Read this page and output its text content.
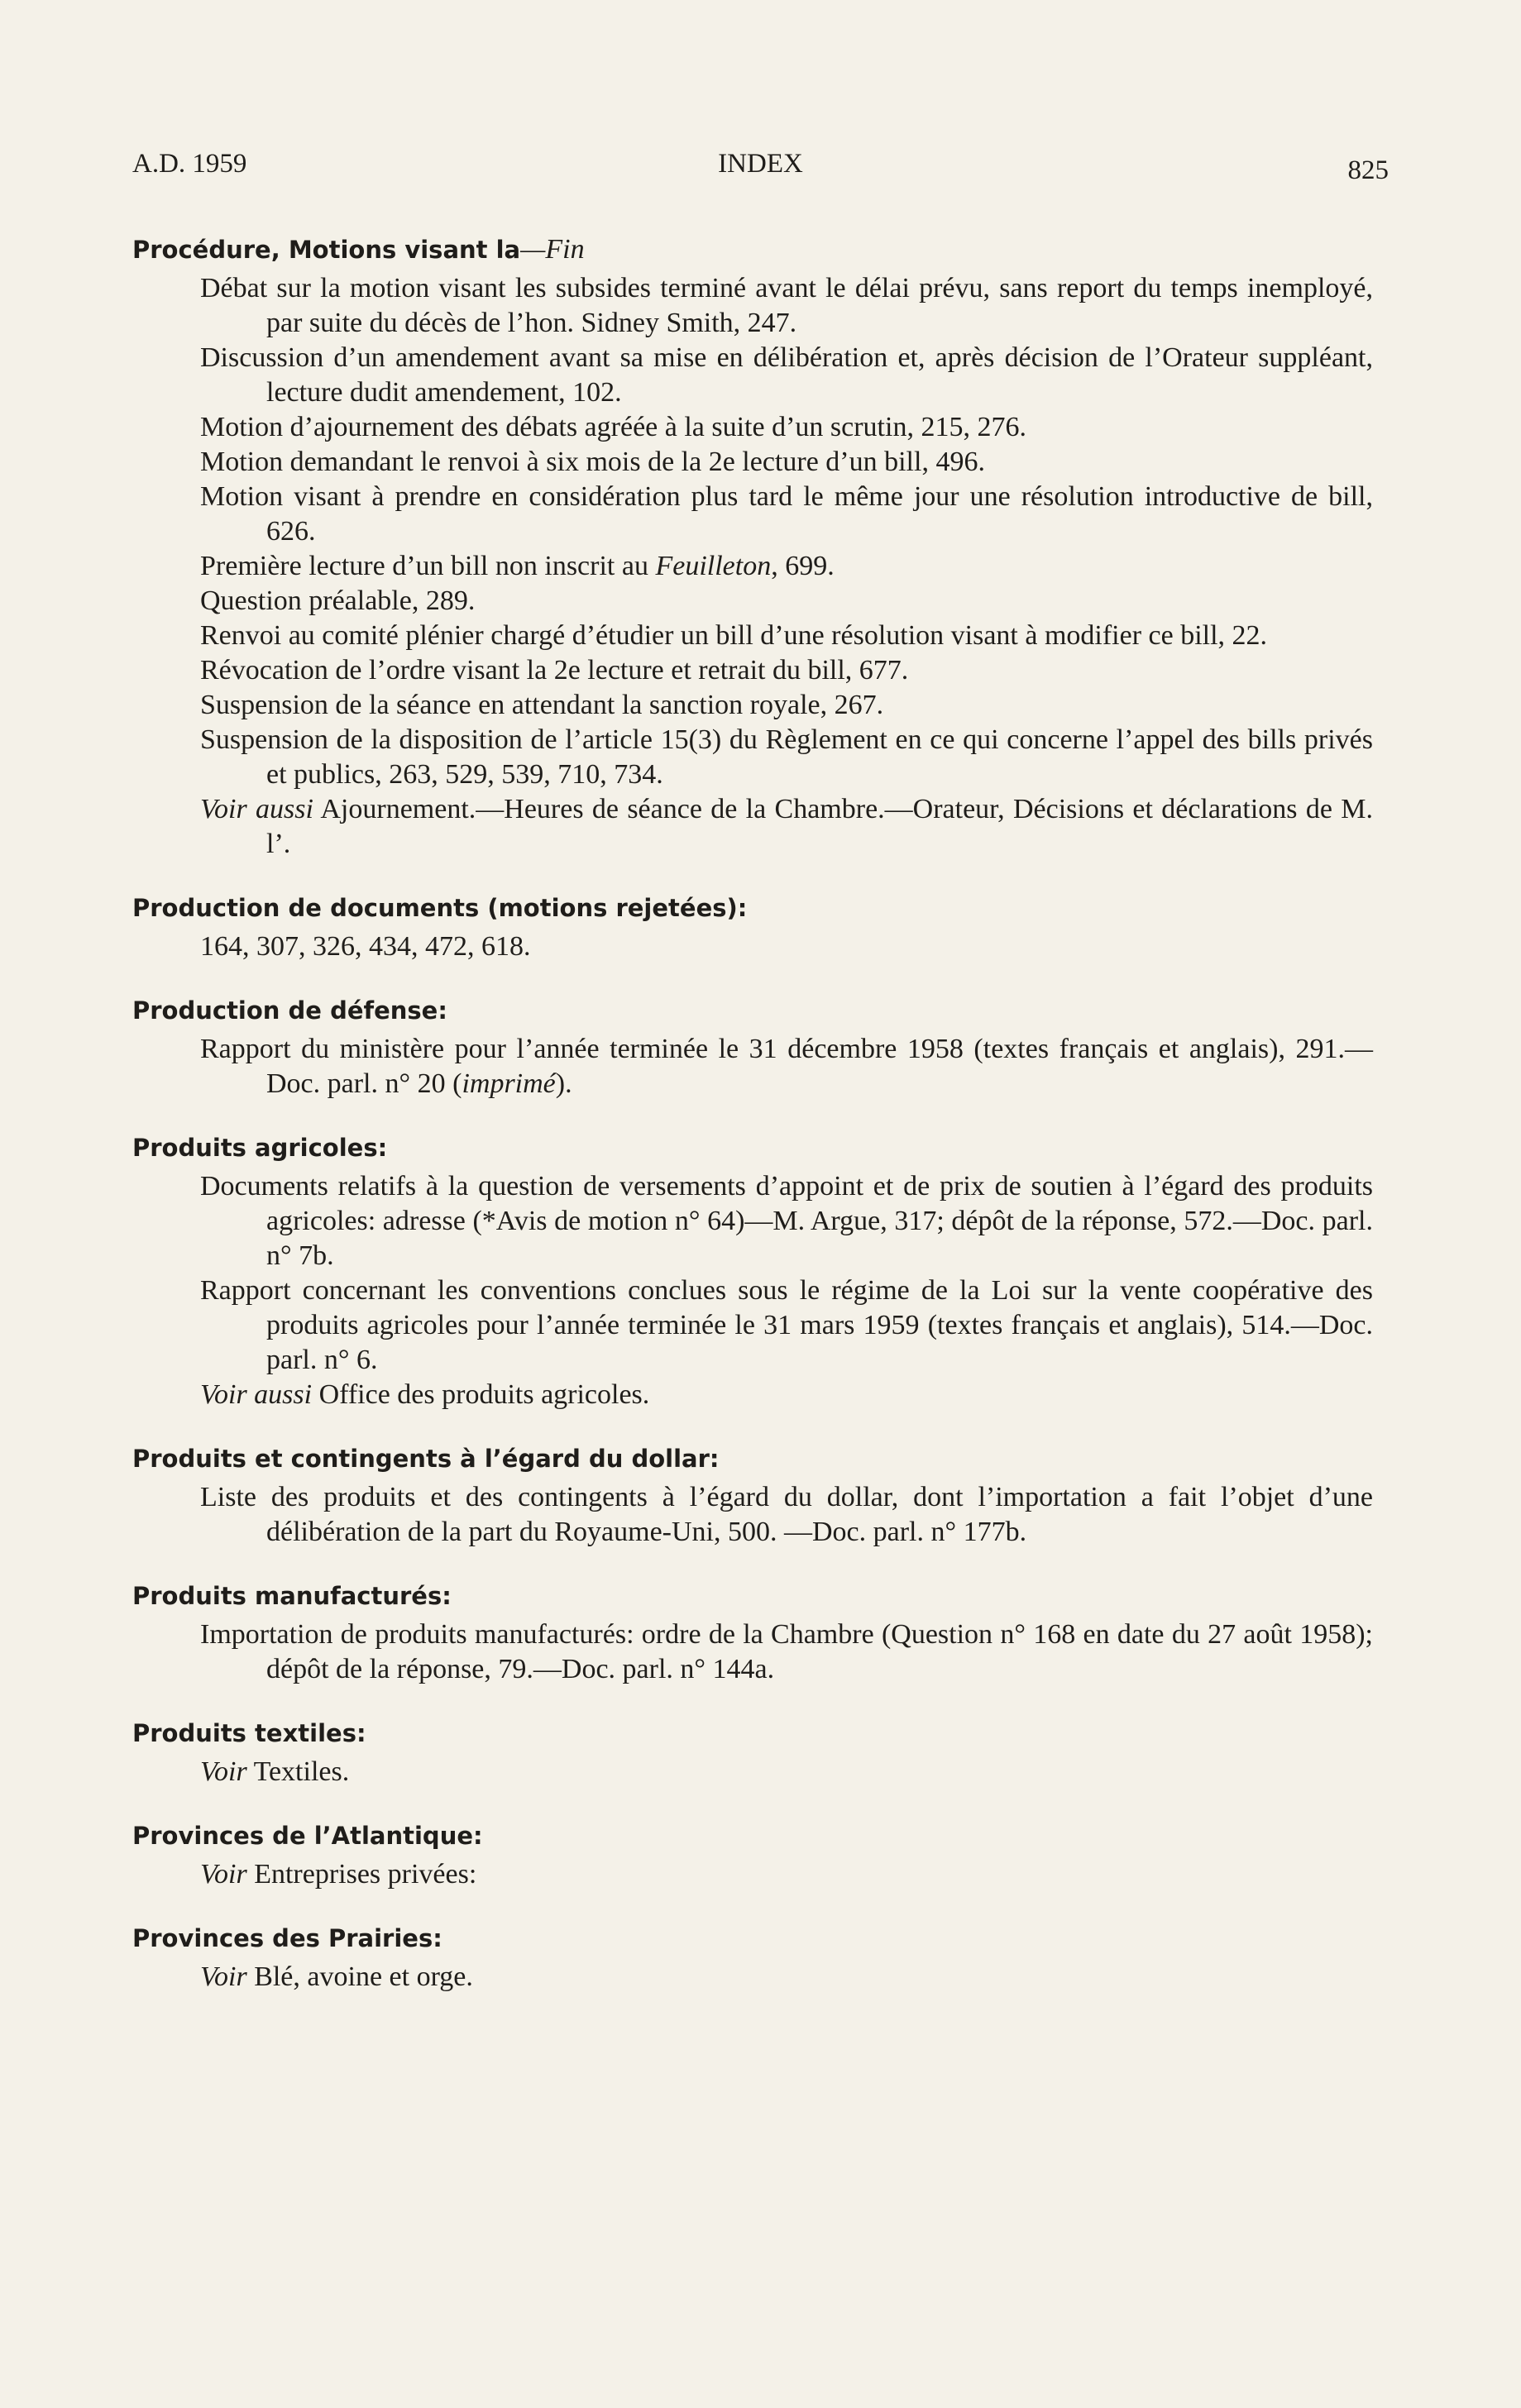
A.D. 1959	INDEX	825
Procédure, Motions visant la—Fin
Débat sur la motion visant les subsides terminé avant le délai prévu, sans report du temps inemployé, par suite du décès de l’hon. Sidney Smith, 247.
Discussion d’un amendement avant sa mise en délibération et, après décision de l’Orateur suppléant, lecture dudit amendement, 102.
Motion d’ajournement des débats agréée à la suite d’un scrutin, 215, 276.
Motion demandant le renvoi à six mois de la 2e lecture d’un bill, 496.
Motion visant à prendre en considération plus tard le même jour une résolution introductive de bill, 626.
Première lecture d’un bill non inscrit au Feuilleton, 699.
Question préalable, 289.
Renvoi au comité plénier chargé d’étudier un bill d’une résolution visant à modifier ce bill, 22.
Révocation de l’ordre visant la 2e lecture et retrait du bill, 677.
Suspension de la séance en attendant la sanction royale, 267.
Suspension de la disposition de l’article 15(3) du Règlement en ce qui concerne l’appel des bills privés et publics, 263, 529, 539, 710, 734.
Voir aussi Ajournement.—Heures de séance de la Chambre.—Orateur, Décisions et déclarations de M. l’.
Production de documents (motions rejetées):
164, 307, 326, 434, 472, 618.
Production de défense:
Rapport du ministère pour l’année terminée le 31 décembre 1958 (textes français et anglais), 291.—Doc. parl. n° 20 (imprimé).
Produits agricoles:
Documents relatifs à la question de versements d’appoint et de prix de soutien à l’égard des produits agricoles: adresse (*Avis de motion n° 64)—M. Argue, 317; dépôt de la réponse, 572.—Doc. parl. n° 7b.
Rapport concernant les conventions conclues sous le régime de la Loi sur la vente coopérative des produits agricoles pour l’année terminée le 31 mars 1959 (textes français et anglais), 514.—Doc. parl. n° 6.
Voir aussi Office des produits agricoles.
Produits et contingents à l’égard du dollar:
Liste des produits et des contingents à l’égard du dollar, dont l’importation a fait l’objet d’une délibération de la part du Royaume-Uni, 500. —Doc. parl. n° 177b.
Produits manufacturés:
Importation de produits manufacturés: ordre de la Chambre (Question n° 168 en date du 27 août 1958); dépôt de la réponse, 79.—Doc. parl. n° 144a.
Produits textiles:
Voir Textiles.
Provinces de l’Atlantique:
Voir Entreprises privées:
Provinces des Prairies:
Voir Blé, avoine et orge.
